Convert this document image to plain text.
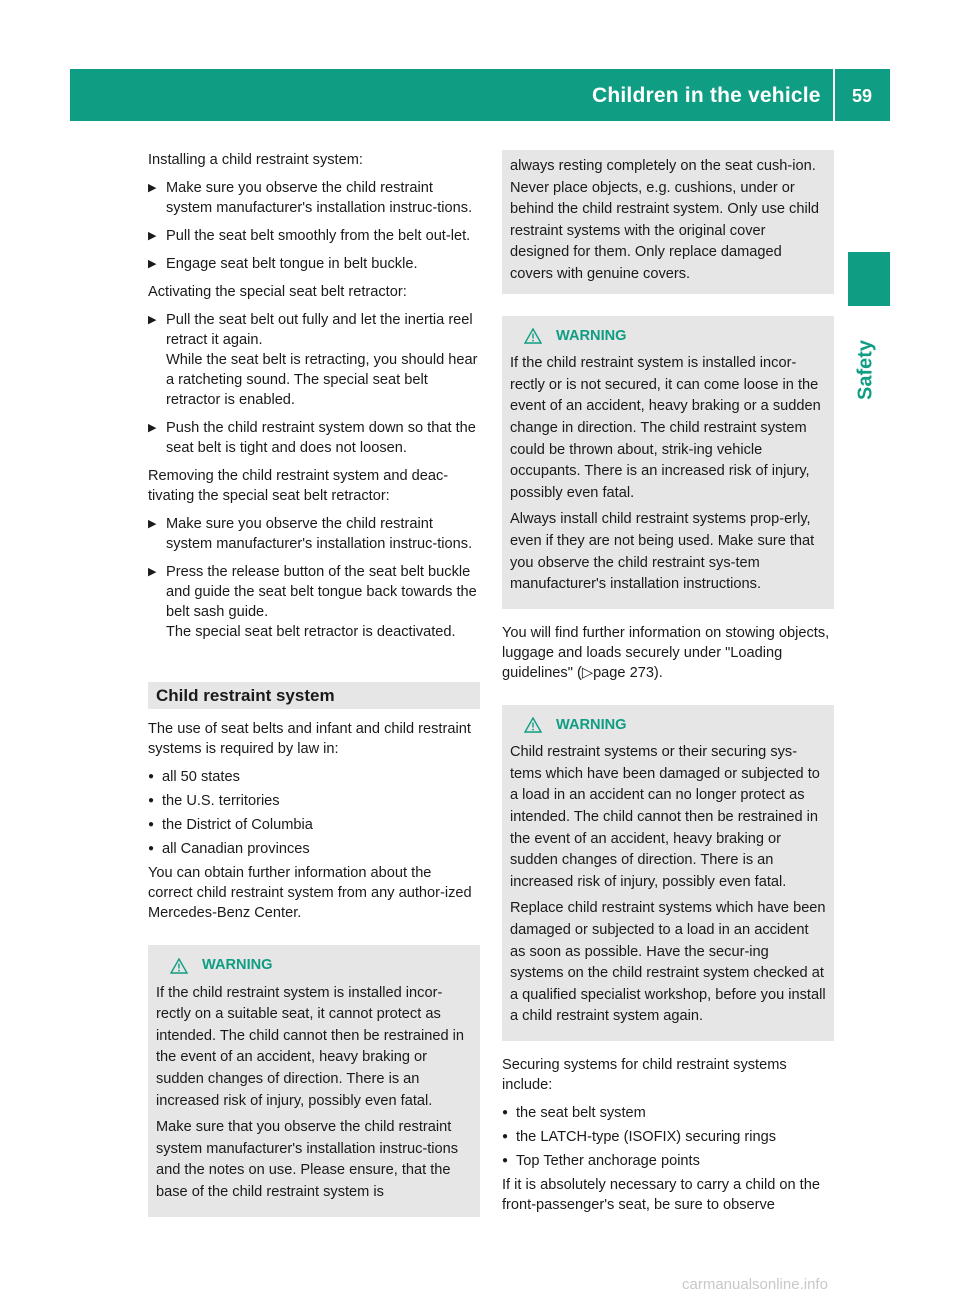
Children in the vehicle	59
Safety

Installing a child restraint system:

▶ Make sure you observe the child restraint system manufacturer's installation instruc-tions.
▶ Pull the seat belt smoothly from the belt out-let.
▶ Engage seat belt tongue in belt buckle.

Activating the special seat belt retractor:

▶ Pull the seat belt out fully and let the inertia reel retract it again.
While the seat belt is retracting, you should hear a ratcheting sound. The special seat belt retractor is enabled.
▶ Push the child restraint system down so that the seat belt is tight and does not loosen.

Removing the child restraint system and deac-tivating the special seat belt retractor:

▶ Make sure you observe the child restraint system manufacturer's installation instruc-tions.
▶ Press the release button of the seat belt buckle and guide the seat belt tongue back towards the belt sash guide.
The special seat belt retractor is deactivated.
Child restraint system

The use of seat belts and infant and child restraint systems is required by law in:

● all 50 states
● the U.S. territories
● the District of Columbia
● all Canadian provinces

You can obtain further information about the correct child restraint system from any author-ized Mercedes-Benz Center.

WARNING

If the child restraint system is installed incor-rectly on a suitable seat, it cannot protect as intended. The child cannot then be restrained in the event of an accident, heavy braking or sudden changes of direction. There is an increased risk of injury, possibly even fatal.

Make sure that you observe the child restraint system manufacturer's installation instruc-tions and the notes on use. Please ensure, that the base of the child restraint system is

always resting completely on the seat cush-ion. Never place objects, e.g. cushions, under or behind the child restraint system. Only use child restraint systems with the original cover designed for them. Only replace damaged covers with genuine covers.

WARNING

If the child restraint system is installed incor-rectly or is not secured, it can come loose in the event of an accident, heavy braking or a sudden change in direction. The child restraint system could be thrown about, strik-ing vehicle occupants. There is an increased risk of injury, possibly even fatal.

Always install child restraint systems prop-erly, even if they are not being used. Make sure that you observe the child restraint sys-tem manufacturer's installation instructions.

You will find further information on stowing objects, luggage and loads securely under "Loading guidelines" (▷page 273).

WARNING

Child restraint systems or their securing sys-tems which have been damaged or subjected to a load in an accident can no longer protect as intended. The child cannot then be restrained in the event of an accident, heavy braking or sudden changes of direction. There is an increased risk of injury, possibly even fatal.

Replace child restraint systems which have been damaged or subjected to a load in an accident as soon as possible. Have the secur-ing systems on the child restraint system checked at a qualified specialist workshop, before you install a child restraint system again.

Securing systems for child restraint systems include:

● the seat belt system
● the LATCH-type (ISOFIX) securing rings
● Top Tether anchorage points

If it is absolutely necessary to carry a child on the front-passenger's seat, be sure to observe

carmanualsonline.info
